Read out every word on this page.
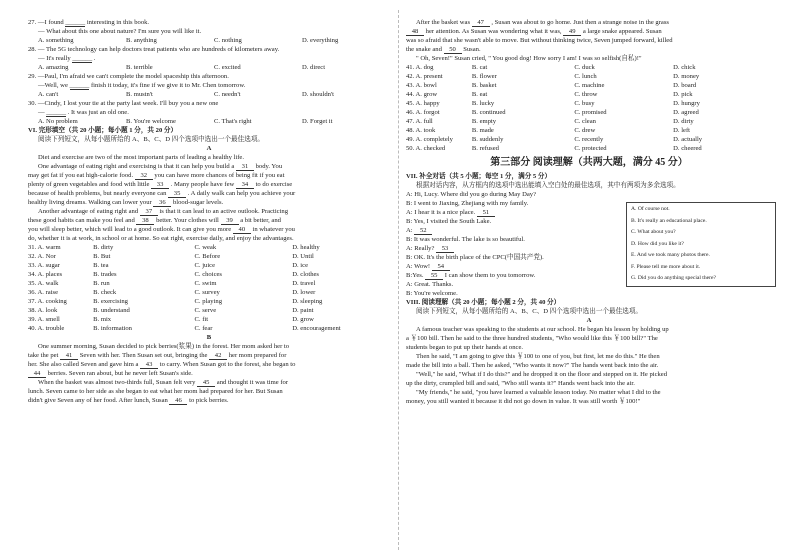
27. —I found ______ interesting in this book.
— What about this one about nature? I'm sure you will like it.
A. something	B. anything	C. nothing	D. everything
28. — The 5G technology can help doctors treat patients who are hundreds of kilometers away.
— It's really ______ .
A. amazing	B. terrible	C. excited	D. direct
29. —Paul, I'm afraid we can't complete the model spaceship this afternoon.
—Well, we ______ finish it today, it's fine if we give it to Mr. Chen tomorrow.
A. can't	B. mustn't	C. needn't	D. shouldn't
30. —Cindy, I lost your tie at the party last week. I'll buy you a new one
— ______ . It was just an old one.
A. No problem	B. You're welcome	C. That's right	D. Forget it
VI. 完形填空（共 20 小题；每小题 1 分，共 20 分）
阅读下列短文，从每小题所给的 A、B、C、D 四个选项中选出一个最佳选项。
A
Diet and exercise are two of the most important parts of leading a healthy life.
One advantage of eating right and exercising is that it can help you build a 31 body. You
may get fat if you eat high-calorie food. 32 you can have more chances of being fit if you eat
plenty of green vegetables and food with little 33 . Many people have few 34 to do exercise
because of health problems, but nearly everyone can 35 . A daily walk can help you achieve your
healthy living dreams. Walking can lower your 36 blood-sugar levels.
Another advantage of eating right and 37 is that it can lead to an active outlook. Practicing
these good habits can make you feel and 38 better. Your clothes will 39 a bit better, and
you will sleep better, which will lead to a good outlook. It can give you more 40 in whatever you
do, whether it is at work, in school or at home. So eat right, exercise daily, and enjoy the advantages.
31. A. warm	B. dirty	C. weak	D. healthy
32. A. Nor	B. But	C. Before	D. Until
33. A. sugar	B. tea	C. juice	D. ice
34. A. places	B. trades	C. choices	D. clothes
35. A. walk	B. run	C. swim	D. travel
36. A. raise	B. check	C. survey	D. lower
37. A. cooking	B. exercising	C. playing	D. sleeping
38. A. look	B. understand	C. serve	D. paint
39. A. smell	B. mix	C. fit	D. grow
40. A. trouble	B. information	C. fear	D. encouragement
B
One summer morning, Susan decided to pick berries(浆果) in the forest. Her mom asked her to
take the pet 41 Seven with her. Then Susan set out, bringing the 42 her mom prepared for
her. She also called Seven and gave him a 43 to carry. When Susan got to the forest, she began to
44 berries. Seven ran about, but he never left Susan's side.
When the basket was almost two-thirds full, Susan felt very 45 and thought it was time for
lunch. Seven came to her side as she began to eat what her mom had prepared for her. But Susan
didn't give Seven any of her food. After lunch, Susan 46 to pick berries.
After the basket was 47 , Susan was about to go home. Just then a strange noise in the grass
48 her attention. As Susan was wondering what it was, 49 a large snake appeared. Susan
was so afraid that she wasn't able to move. But without thinking twice, Seven jumped forward, killed
the snake and 50 Susan.
" Oh, Seven!" Susan cried, " You good dog! How sorry I am! I was so selfish(自私)!"
41. A. dog	B. cat	C. duck	D. chick
42. A. present	B. flower	C. lunch	D. money
43. A. bowl	B. basket	C. machine	D. board
44. A. grow	B. eat	C. throw	D. pick
45. A. happy	B. lucky	C. busy	D. hungry
46. A. forgot	B. continued	C. promised	D. agreed
47. A. full	B. empty	C. clean	D. dirty
48. A. took	B. made	C. drew	D. left
49. A. completely	B. suddenly	C. recently	D. actually
50. A. checked	B. refused	C. protected	D. cheered
第三部分 阅读理解（共两大题，满分 45 分）
VII. 补全对话（共 5 小题；每空 1 分，满分 5 分）
根据对话内容，从方框内的选项中选出能填入空白处的最佳选项，其中有两项为多余选项。
A: Hi, Lucy. Where did you go during May Day?
B: I went to Jiaxing, Zhejiang with my family.
A: I hear it is a nice place. 51
B: Yes, I visited the South Lake.
A: 52
B: It was wonderful. The lake is so beautiful.
A: Really? 53
B: OK. It's the birth place of the CPC(中国共产党).
A: Wow! 54
B:Yes. 55 I can show them to you tomorrow.
A: Great. Thanks.
B: You're welcome.
A. Of course not.
B. It's really an educational place.
C. What about you?
D. How did you like it?
E. And we took many photos there.
F. Please tell me more about it.
G. Did you do anything special there?
VIII. 阅读理解（共 20 小题；每小题 2 分，共 40 分）
阅读下列短文，从每小题所给的 A、B、C、D 四个选项中选出一个最佳选项。
A
A famous teacher was speaking to the students at our school. He began his lesson by holding up
a ￥100 bill. Then he said to the three hundred students, "Who would like this ￥100 bill?" The
students began to put up their hands at once.
Then he said, "I am going to give this ￥100 to one of you, but first, let me do this." He then
made the bill into a ball. Then he asked, "Who wants it now?" The hands went back into the air.
"Well," he said, "What if I do this?" and he dropped it on the floor and stepped on it. He picked
up the dirty, crumpled bill and said, "Who still wants it?" Hands went back into the air.
"My friends," he said, "you have learned a valuable lesson today. No matter what I did to the
money, you still wanted it because it did not go down in value. It was still worth ￥100!"
